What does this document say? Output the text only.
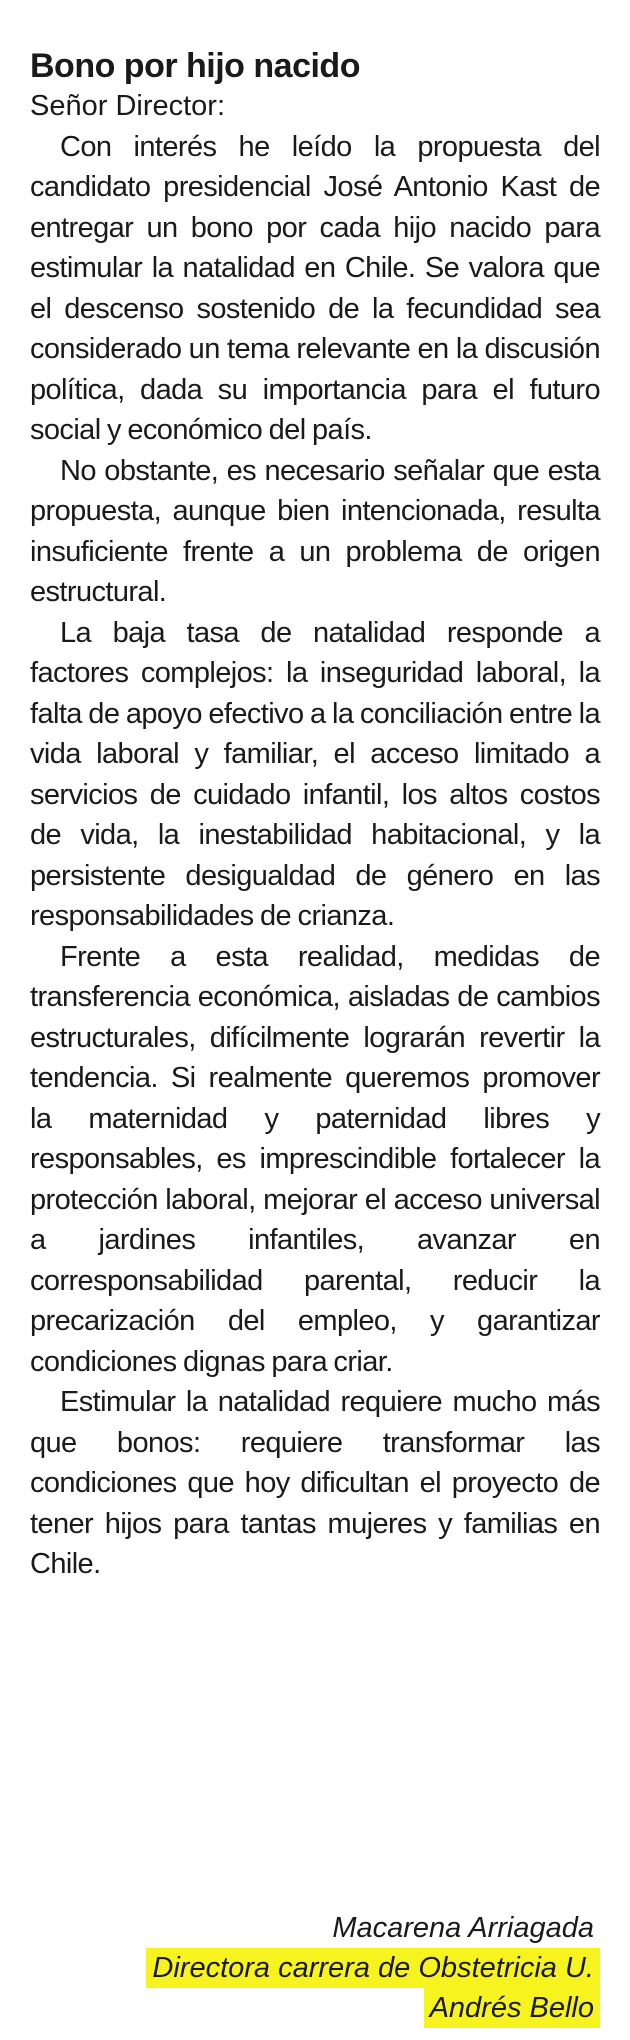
Bono por hijo nacido

Señor Director:

Con interés he leído la propuesta del candidato presidencial José Antonio Kast de entregar un bono por cada hijo nacido para estimular la natalidad en Chile. Se valora que el descenso sostenido de la fecundidad sea considerado un tema relevante en la discusión política, dada su importancia para el futuro social y económico del país.

No obstante, es necesario señalar que esta propuesta, aunque bien intencionada, resulta insuficiente frente a un problema de origen estructural.

La baja tasa de natalidad responde a factores complejos: la inseguridad laboral, la falta de apoyo efectivo a la conciliación entre la vida laboral y familiar, el acceso limitado a servicios de cuidado infantil, los altos costos de vida, la inestabilidad habitacional, y la persistente desigualdad de género en las responsabilidades de crianza.

Frente a esta realidad, medidas de transferencia económica, aisladas de cambios estructurales, difícilmente lograrán revertir la tendencia. Si realmente queremos promover la maternidad y paternidad libres y responsables, es imprescindible fortalecer la protección laboral, mejorar el acceso universal a jardines infantiles, avanzar en corresponsabilidad parental, reducir la precarización del empleo, y garantizar condiciones dignas para criar.

Estimular la natalidad requiere mucho más que bonos: requiere transformar las condiciones que hoy dificultan el proyecto de tener hijos para tantas mujeres y familias en Chile.

Macarena Arriagada
Directora carrera de Obstetricia U.
Andrés Bello
